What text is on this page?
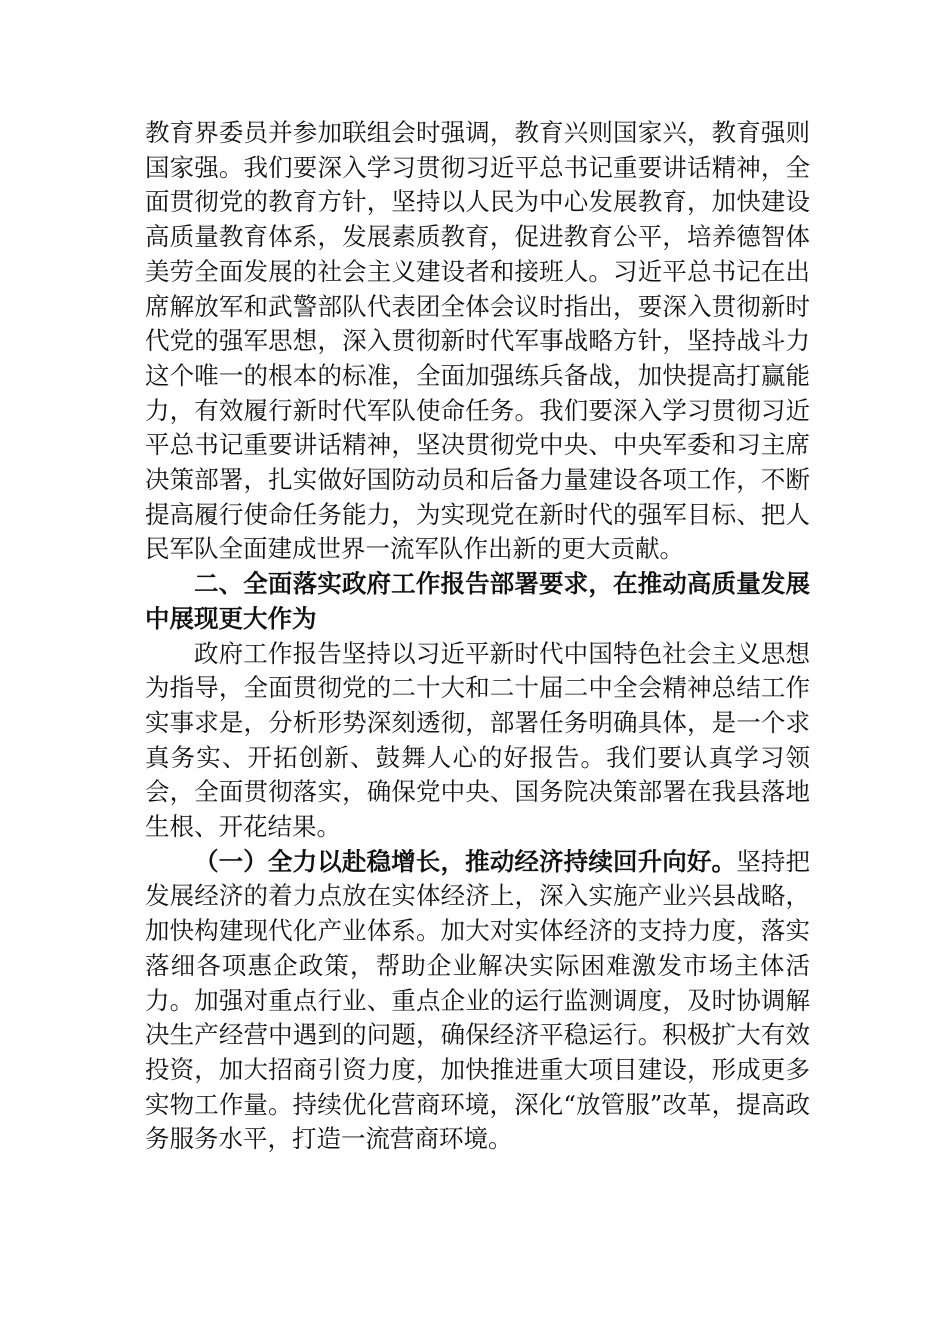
教育界委员并参加联组会时强调，教育兴则国家兴，教育强则国家强。我们要深入学习贯彻习近平总书记重要讲话精神，全面贯彻党的教育方针，坚持以人民为中心发展教育，加快建设高质量教育体系，发展素质教育，促进教育公平，培养德智体美劳全面发展的社会主义建设者和接班人。习近平总书记在出席解放军和武警部队代表团全体会议时指出，要深入贯彻新时代党的强军思想，深入贯彻新时代军事战略方针，坚持战斗力这个唯一的根本的标准，全面加强练兵备战，加快提高打赢能力，有效履行新时代军队使命任务。我们要深入学习贯彻习近平总书记重要讲话精神，坚决贯彻党中央、中央军委和习主席决策部署，扎实做好国防动员和后备力量建设各项工作，不断提高履行使命任务能力，为实现党在新时代的强军目标、把人民军队全面建成世界一流军队作出新的更大贡献。

二、全面落实政府工作报告部署要求，在推动高质量发展中展现更大作为

政府工作报告坚持以习近平新时代中国特色社会主义思想为指导，全面贯彻党的二十大和二十届二中全会精神总结工作实事求是，分析形势深刻透彻，部署任务明确具体，是一个求真务实、开拓创新、鼓舞人心的好报告。我们要认真学习领会，全面贯彻落实，确保党中央、国务院决策部署在我县落地生根、开花结果。

（一）全力以赴稳增长，推动经济持续回升向好。坚持把发展经济的着力点放在实体经济上，深入实施产业兴县战略，加快构建现代化产业体系。加大对实体经济的支持力度，落实落细各项惠企政策，帮助企业解决实际困难激发市场主体活力。加强对重点行业、重点企业的运行监测调度，及时协调解决生产经营中遇到的问题，确保经济平稳运行。积极扩大有效投资，加大招商引资力度，加快推进重大项目建设，形成更多实物工作量。持续优化营商环境，深化“放管服”改革，提高政务服务水平，打造一流营商环境。
